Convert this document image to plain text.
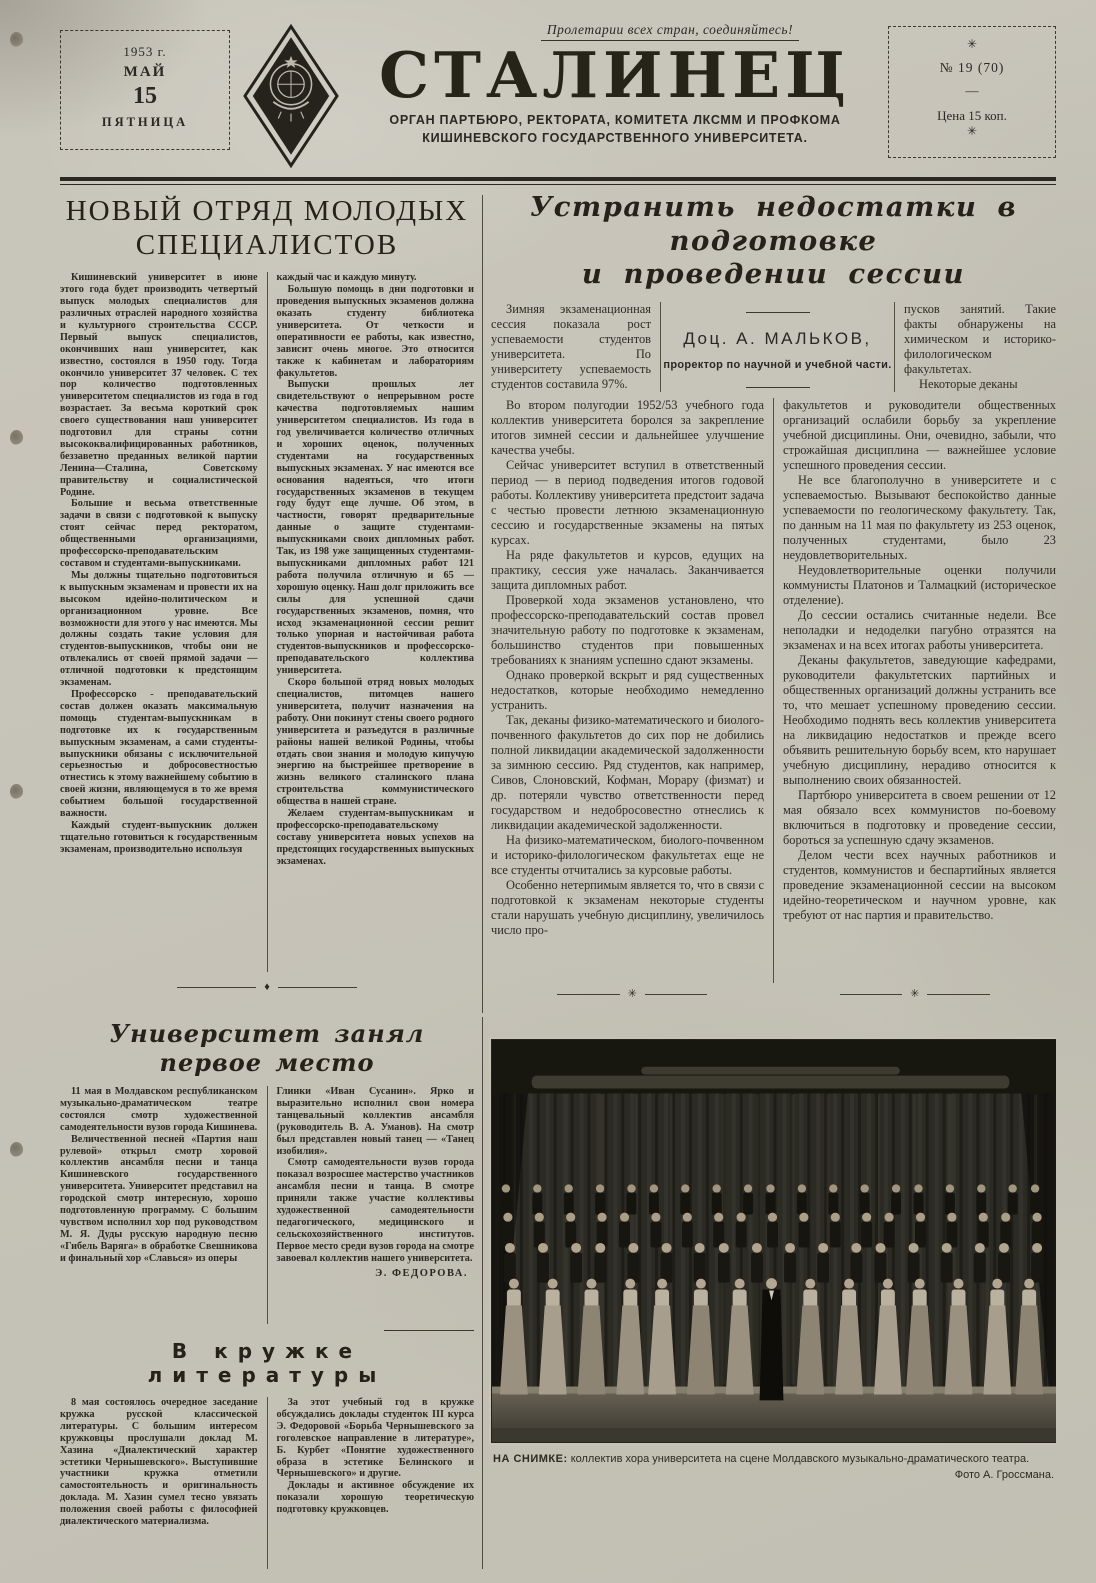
1953 г.
МАЙ
15
ПЯТНИЦА
Пролетарии всех стран, соединяйтесь!
СТАЛИНЕЦ
ОРГАН ПАРТБЮРО, РЕКТОРАТА, КОМИТЕТА ЛКСММ И ПРОФКОМА
КИШИНЕВСКОГО ГОСУДАРСТВЕННОГО УНИВЕРСИТЕТА.
✳
№ 19 (70)
—
Цена 15 коп.
✳
НОВЫЙ ОТРЯД МОЛОДЫХ СПЕЦИАЛИСТОВ

Кишиневский университет в июне этого года будет производить четвертый выпуск молодых специалистов для различных отраслей народного хозяйства и культурного строительства СССР. Первый выпуск специалистов, окончивших наш университет, как известно, состоялся в 1950 году. Тогда окончило университет 37 человек. С тех пор количество подготовленных университетом специалистов из года в год возрастает. За весьма короткий срок своего существования наш университет подготовил для страны сотни высококвалифицированных работников, беззаветно преданных великой партии Ленина—Сталина, Советскому правительству и социалистической Родине.

Большие и весьма ответственные задачи в связи с подготовкой к выпуску стоят сейчас перед ректоратом, общественными организациями, профессорско-преподавательским составом и студентами-выпускниками.

Мы должны тщательно подготовиться к выпускным экзаменам и провести их на высоком идейно-политическом и организационном уровне. Все возможности для этого у нас имеются. Мы должны создать такие условия для студентов-выпускников, чтобы они не отвлекались от своей прямой задачи — отличной подготовки к предстоящим экзаменам.

Профессорско - преподавательский состав должен оказать максимальную помощь студентам-выпускникам в подготовке их к государственным выпускным экзаменам, а сами студенты-выпускники обязаны с исключительной серьезностью и добросовестностью отнестись к этому важнейшему событию в своей жизни, являющемуся в то же время событием большой государственной важности.

Каждый студент-выпускник должен тщательно готовиться к государственным экзаменам, производительно используя

каждый час и каждую минуту.

Большую помощь в дни подготовки и проведения выпускных экзаменов должна оказать студенту библиотека университета. От четкости и оперативности ее работы, как известно, зависит очень многое. Это относится также к кабинетам и лабораториям факультетов.

Выпуски прошлых лет свидетельствуют о непрерывном росте качества подготовляемых нашим университетом специалистов. Из года в год увеличивается количество отличных и хороших оценок, полученных студентами на государственных выпускных экзаменах. У нас имеются все основания надеяться, что итоги государственных экзаменов в текущем году будут еще лучше. Об этом, в частности, говорят предварительные данные о защите студентами-выпускниками своих дипломных работ. Так, из 198 уже защищенных студентами-выпускниками дипломных работ 121 работа получила отличную и 65 — хорошую оценку. Наш долг приложить все силы для успешной сдачи государственных экзаменов, помня, что исход экзаменационной сессии решит только упорная и настойчивая работа студентов-выпускников и профессорско-преподавательского коллектива университета.

Скоро большой отряд новых молодых специалистов, питомцев нашего университета, получит назначения на работу. Они покинут стены своего родного университета и разъедутся в различные районы нашей великой Родины, чтобы отдать свои знания и молодую кипучую энергию на быстрейшее претворение в жизнь великого сталинского плана строительства коммунистического общества в нашей стране.

Желаем студентам-выпускникам и профессорско-преподавательскому составу университета новых успехов на предстоящих государственных выпускных экзаменах.

♦
Устранить недостатки в подготовке
и проведении сессии

Зимняя экзаменационная сессия показала рост успеваемости студентов университета. По университету успеваемость студентов составила 97%.

Доц. А. МАЛЬКОВ,
проректор по научной и учебной части.

пусков занятий. Такие факты обнаружены на химическом и историко-филологическом факультетах.

Некоторые деканы

Во втором полугодии 1952/53 учебного года коллектив университета боролся за закрепление итогов зимней сессии и дальнейшее улучшение качества учебы.

Сейчас университет вступил в ответственный период — в период подведения итогов годовой работы. Коллективу университета предстоит задача с честью провести летнюю экзаменационную сессию и государственные экзамены на пятых курсах.

На ряде факультетов и курсов, едущих на практику, сессия уже началась. Заканчивается защита дипломных работ.

Проверкой хода экзаменов установлено, что профессорско-преподавательский состав провел значительную работу по подготовке к экзаменам, большинство студентов при повышенных требованиях к знаниям успешно сдают экзамены.

Однако проверкой вскрыт и ряд существенных недостатков, которые необходимо немедленно устранить.

Так, деканы физико-математического и биолого-почвенного факультетов до сих пор не добились полной ликвидации академической задолженности за зимнюю сессию. Ряд студентов, как например, Сивов, Слоновский, Кофман, Морару (физмат) и др. потеряли чувство ответственности перед государством и недобросовестно отнеслись к ликвидации академической задолженности.

На физико-математическом, биолого-почвенном и историко-филологическом факультетах еще не все студенты отчитались за курсовые работы.

Особенно нетерпимым является то, что в связи с подготовкой к экзаменам некоторые студенты стали нарушать учебную дисциплину, увеличилось число про-

факультетов и руководители общественных организаций ослабили борьбу за укрепление учебной дисциплины. Они, очевидно, забыли, что строжайшая дисциплина — важнейшее условие успешного проведения сессии.

Не все благополучно в университете и с успеваемостью. Вызывают беспокойство данные успеваемости по геологическому факультету. Так, по данным на 11 мая по факультету из 253 оценок, полученных студентами, было 23 неудовлетворительных.

Неудовлетворительные оценки получили коммунисты Платонов и Талмацкий (историческое отделение).

До сессии остались считанные недели. Все неполадки и недоделки пагубно отразятся на экзаменах и на всех итогах работы университета.

Деканы факультетов, заведующие кафедрами, руководители факультетских партийных и общественных организаций должны устранить все то, что мешает успешному проведению сессии. Необходимо поднять весь коллектив университета на ликвидацию недостатков и прежде всего объявить решительную борьбу всем, кто нарушает учебную дисциплину, нерадиво относится к выполнению своих обязанностей.

Партбюро университета в своем решении от 12 мая обязало всех коммунистов по-боевому включиться в подготовку и проведение сессии, бороться за успешную сдачу экзаменов.

Делом чести всех научных работников и студентов, коммунистов и беспартийных является проведение экзаменационной сессии на высоком идейно-теоретическом и научном уровне, как требуют от нас партия и правительство.

✳	✳
Университет занял первое место

11 мая в Молдавском республиканском музыкально-драматическом театре состоялся смотр художественной самодеятельности вузов города Кишинева.

Величественной песней «Партия наш рулевой» открыл смотр хоровой коллектив ансамбля песни и танца Кишиневского государственного университета. Университет представил на городской смотр интересную, хорошо подготовленную программу. С большим чувством исполнил хор под руководством М. Я. Дуды русскую народную песню «Гибель Варяга» в обработке Свешникова и финальный хор «Славься» из оперы

Глинки «Иван Сусанин». Ярко и выразительно исполнил свои номера танцевальный коллектив ансамбля (руководитель В. А. Уманов). На смотр был представлен новый танец — «Танец изобилия».

Смотр самодеятельности вузов города показал возросшее мастерство участников ансамбля песни и танца. В смотре приняли также участие коллективы художественной самодеятельности педагогического, медицинского и сельскохозяйственного институтов. Первое место среди вузов города на смотре завоевал коллектив нашего университета.

Э. ФЕДОРОВА.
В кружке литературы

8 мая состоялось очередное заседание кружка русской классической литературы. С большим интересом кружковцы прослушали доклад М. Хазина «Диалектический характер эстетики Чернышевского». Выступившие участники кружка отметили самостоятельность и оригинальность доклада. М. Хазин сумел тесно увязать положения своей работы с философией диалектического материализма.

За этот учебный год в кружке обсуждались доклады студенток III курса Э. Федоровой «Борьба Чернышевского за гоголевское направление в литературе», Б. Курбет «Понятие художественного образа в эстетике Белинского и Чернышевского» и другие.

Доклады и активное обсуждение их показали хорошую теоретическую подготовку кружковцев.

НА СНИМКЕ: коллектив хора университета на сцене Молдавского музыкально-драматического театра.
Фото А. Гроссмана.
